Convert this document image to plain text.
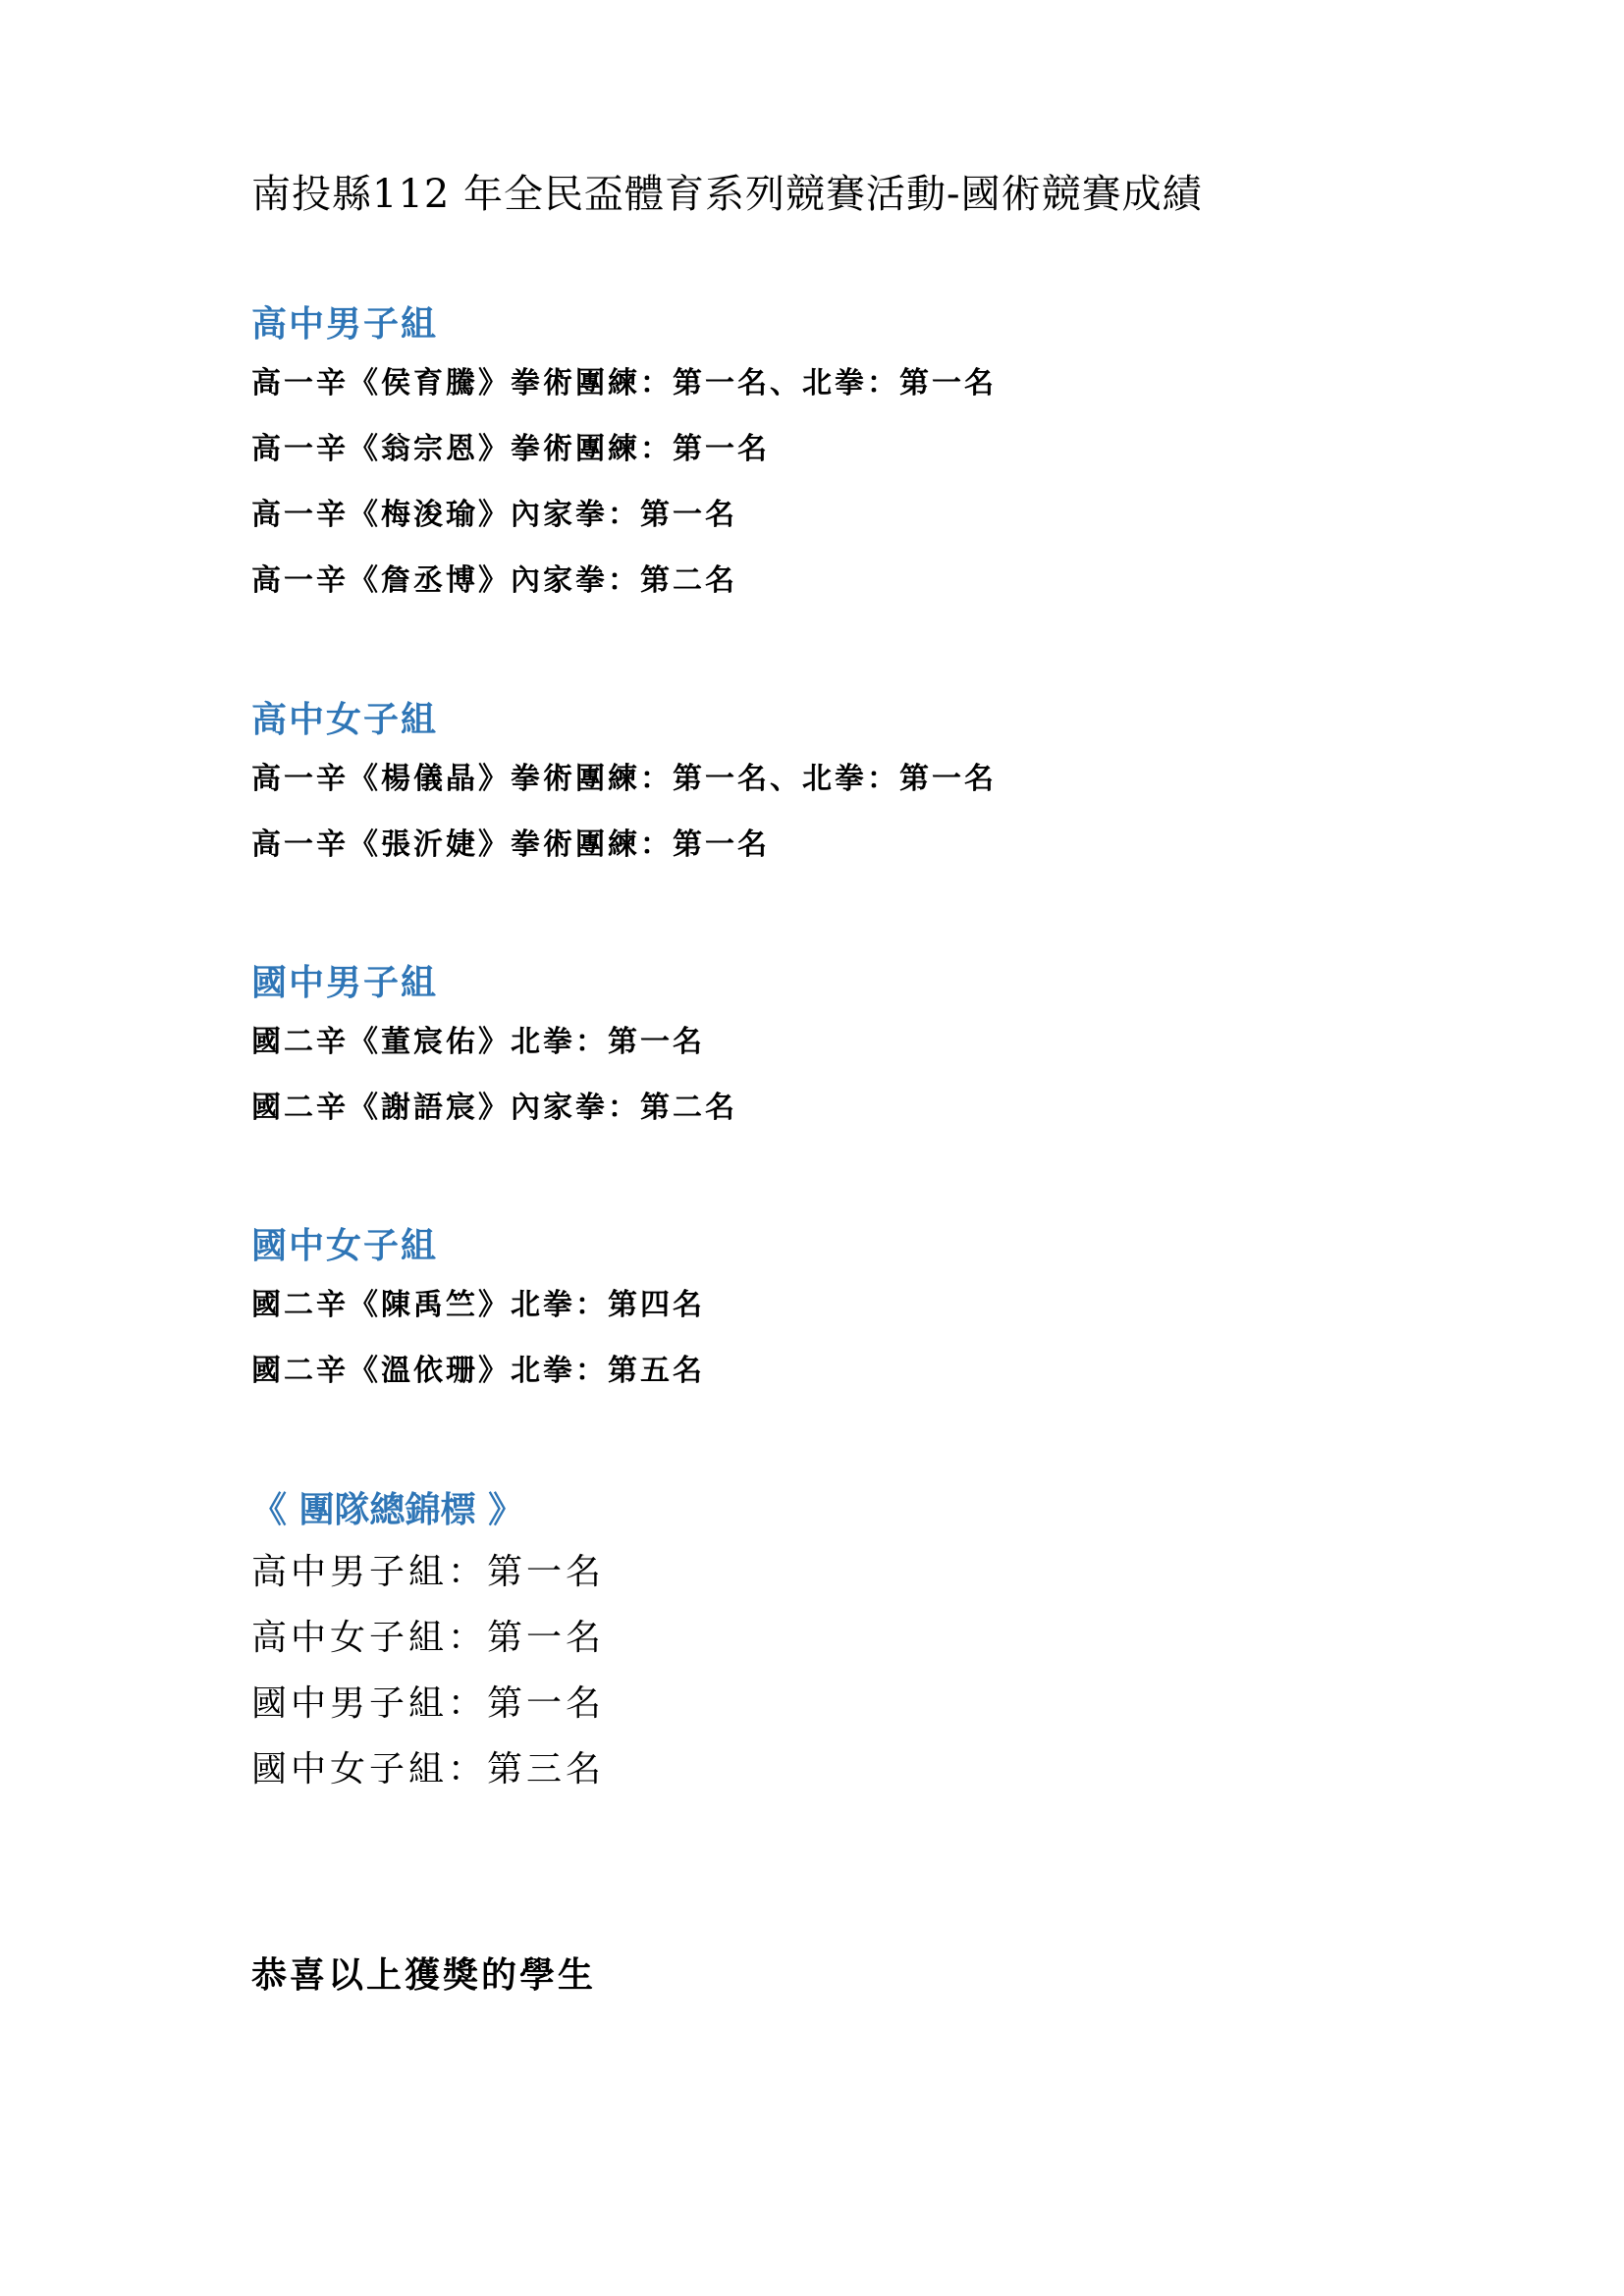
南投縣112 年全民盃體育系列競賽活動-國術競賽成績
高中男子組
高一辛《侯育騰》拳術團練：第一名、北拳：第一名
高一辛《翁宗恩》拳術團練：第一名
高一辛《梅浚瑜》內家拳：第一名
高一辛《詹丞博》內家拳：第二名
高中女子組
高一辛《楊儀晶》拳術團練：第一名、北拳：第一名
高一辛《張沂婕》拳術團練：第一名
國中男子組
國二辛《董宸佑》北拳：第一名
國二辛《謝語宸》內家拳：第二名
國中女子組
國二辛《陳禹竺》北拳：第四名
國二辛《溫依珊》北拳：第五名
《 團隊總錦標 》
高中男子組：第一名
高中女子組：第一名
國中男子組：第一名
國中女子組：第三名
恭喜以上獲獎的學生
